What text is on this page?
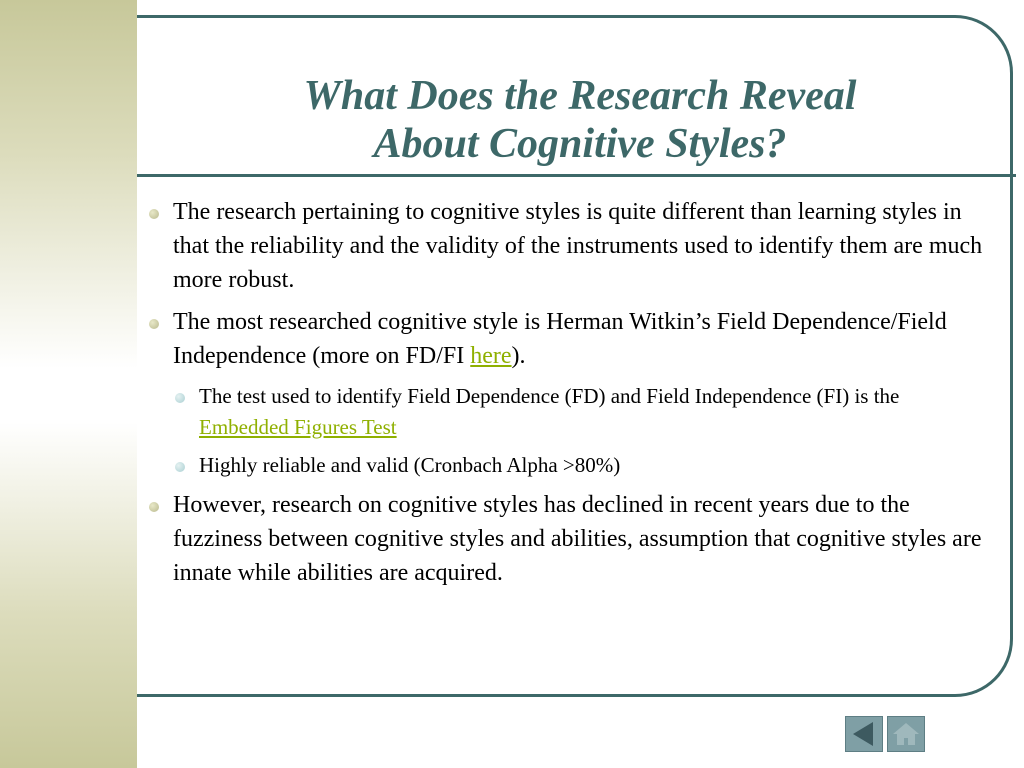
What Does the Research Reveal
About Cognitive Styles?
The research pertaining to cognitive styles is quite different than learning styles in that the reliability and the validity of the instruments used to identify them are much more robust.
The most researched cognitive style is Herman Witkin’s Field Dependence/Field Independence (more on FD/FI here).
The test used to identify Field Dependence (FD) and Field Independence (FI) is the Embedded Figures Test
Highly reliable and valid (Cronbach Alpha >80%)
However, research on cognitive styles has declined in recent years due to the fuzziness between cognitive styles and abilities, assumption that cognitive styles are innate while abilities are acquired.
